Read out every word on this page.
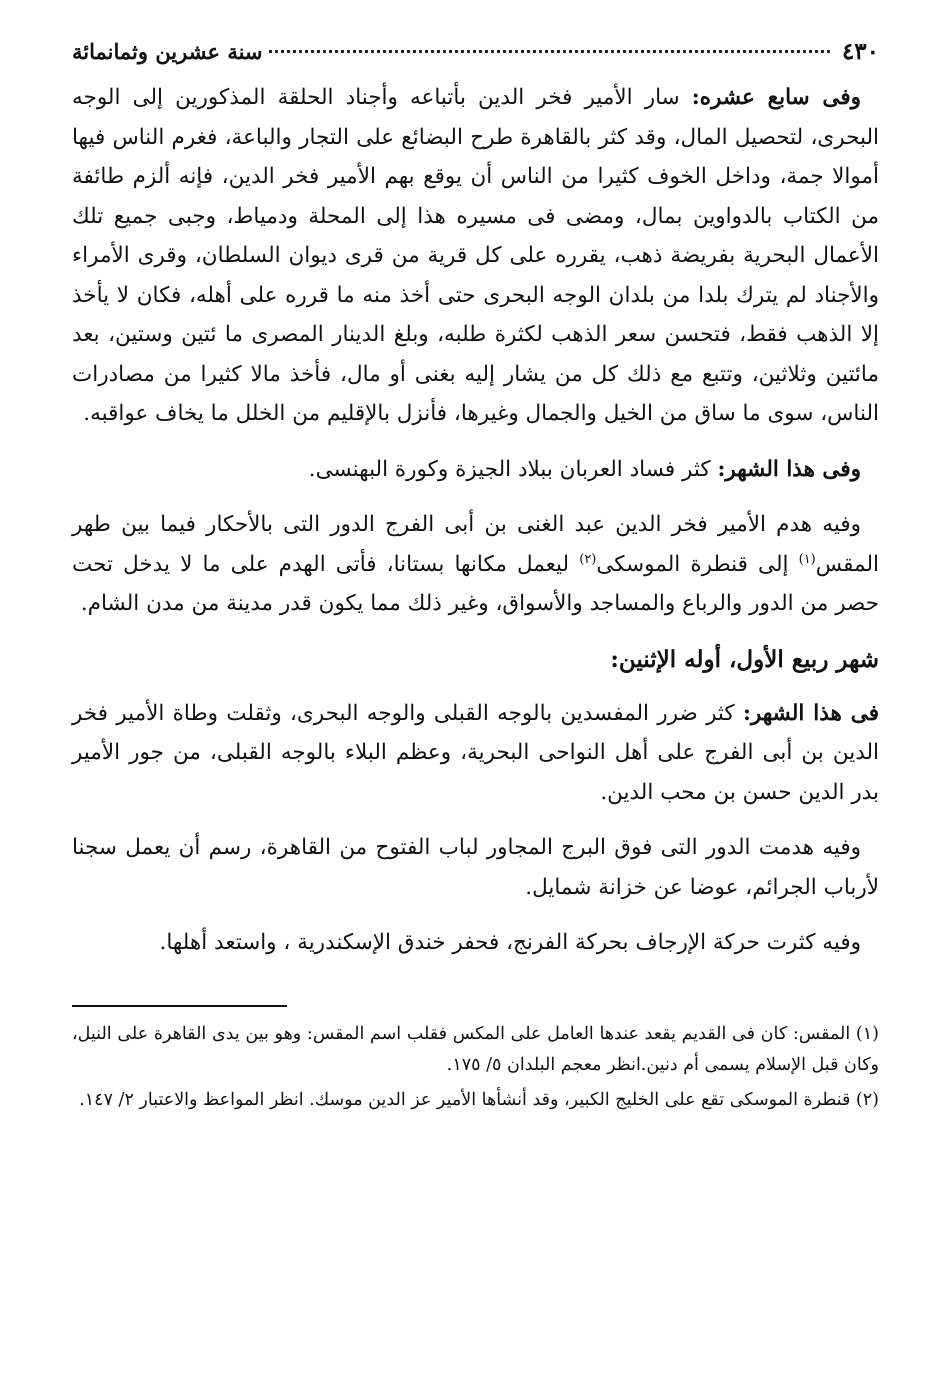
٤٣٠
سنة عشرين وثمانمائة

وفى سابع عشره: سار الأمير فخر الدين بأتباعه وأجناد الحلقة المذكورين إلى الوجه البحرى، لتحصيل المال، وقد كثر بالقاهرة طرح البضائع على التجار والباعة، فغرم الناس فيها أموالا جمة، وداخل الخوف كثيرا من الناس أن يوقع بهم الأمير فخر الدين، فإنه ألزم طائفة من الكتاب بالدواوين بمال، ومضى فى مسيره هذا إلى المحلة ودمياط، وجبى جميع تلك الأعمال البحرية بفريضة ذهب، يقرره على كل قرية من قرى ديوان السلطان، وقرى الأمراء والأجناد لم يترك بلدا من بلدان الوجه البحرى حتى أخذ منه ما قرره على أهله، فكان لا يأخذ إلا الذهب فقط، فتحسن سعر الذهب لكثرة طلبه، وبلغ الدينار المصرى ما ئتين وستين، بعد مائتين وثلاثين، وتتبع مع ذلك كل من يشار إليه بغنى أو مال، فأخذ مالا كثيرا من مصادرات الناس، سوى ما ساق من الخيل والجمال وغيرها، فأنزل بالإقليم من الخلل ما يخاف عواقبه.

وفى هذا الشهر: كثر فساد العربان ببلاد الجيزة وكورة البهنسى.

وفيه هدم الأمير فخر الدين عبد الغنى بن أبى الفرج الدور التى بالأحكار فيما بين طهر المقس$^{(١)}$ إلى قنطرة الموسكى$^{(٢)}$ ليعمل مكانها بستانا، فأتى الهدم على ما لا يدخل تحت حصر من الدور والرباع والمساجد والأسواق، وغير ذلك مما يكون قدر مدينة من مدن الشام.

شهر ربيع الأول، أوله الإثنين:

فى هذا الشهر: كثر ضرر المفسدين بالوجه القبلى والوجه البحرى، وثقلت وطاة الأمير فخر الدين بن أبى الفرج على أهل النواحى البحرية، وعظم البلاء بالوجه القبلى، من جور الأمير بدر الدين حسن بن محب الدين.

وفيه هدمت الدور التى فوق البرج المجاور لباب الفتوح من القاهرة، رسم أن يعمل سجنا لأرباب الجرائم، عوضا عن خزانة شمايل.

وفيه كثرت حركة الإرجاف بحركة الفرنج، فحفر خندق الإسكندرية ، واستعد أهلها.

(١) المقس: كان فى القديم يقعد عندها العامل على المكس فقلب اسم المقس: وهو بين يدى القاهرة على النيل، وكان قبل الإسلام يسمى أم دنين.انظر معجم البلدان ٥/ ١٧٥.

(٢) قنطرة الموسكى تقع على الخليج الكبير، وقد أنشأها الأمير عز الدين موسك. انظر المواعظ والاعتبار ٢/ ١٤٧.
